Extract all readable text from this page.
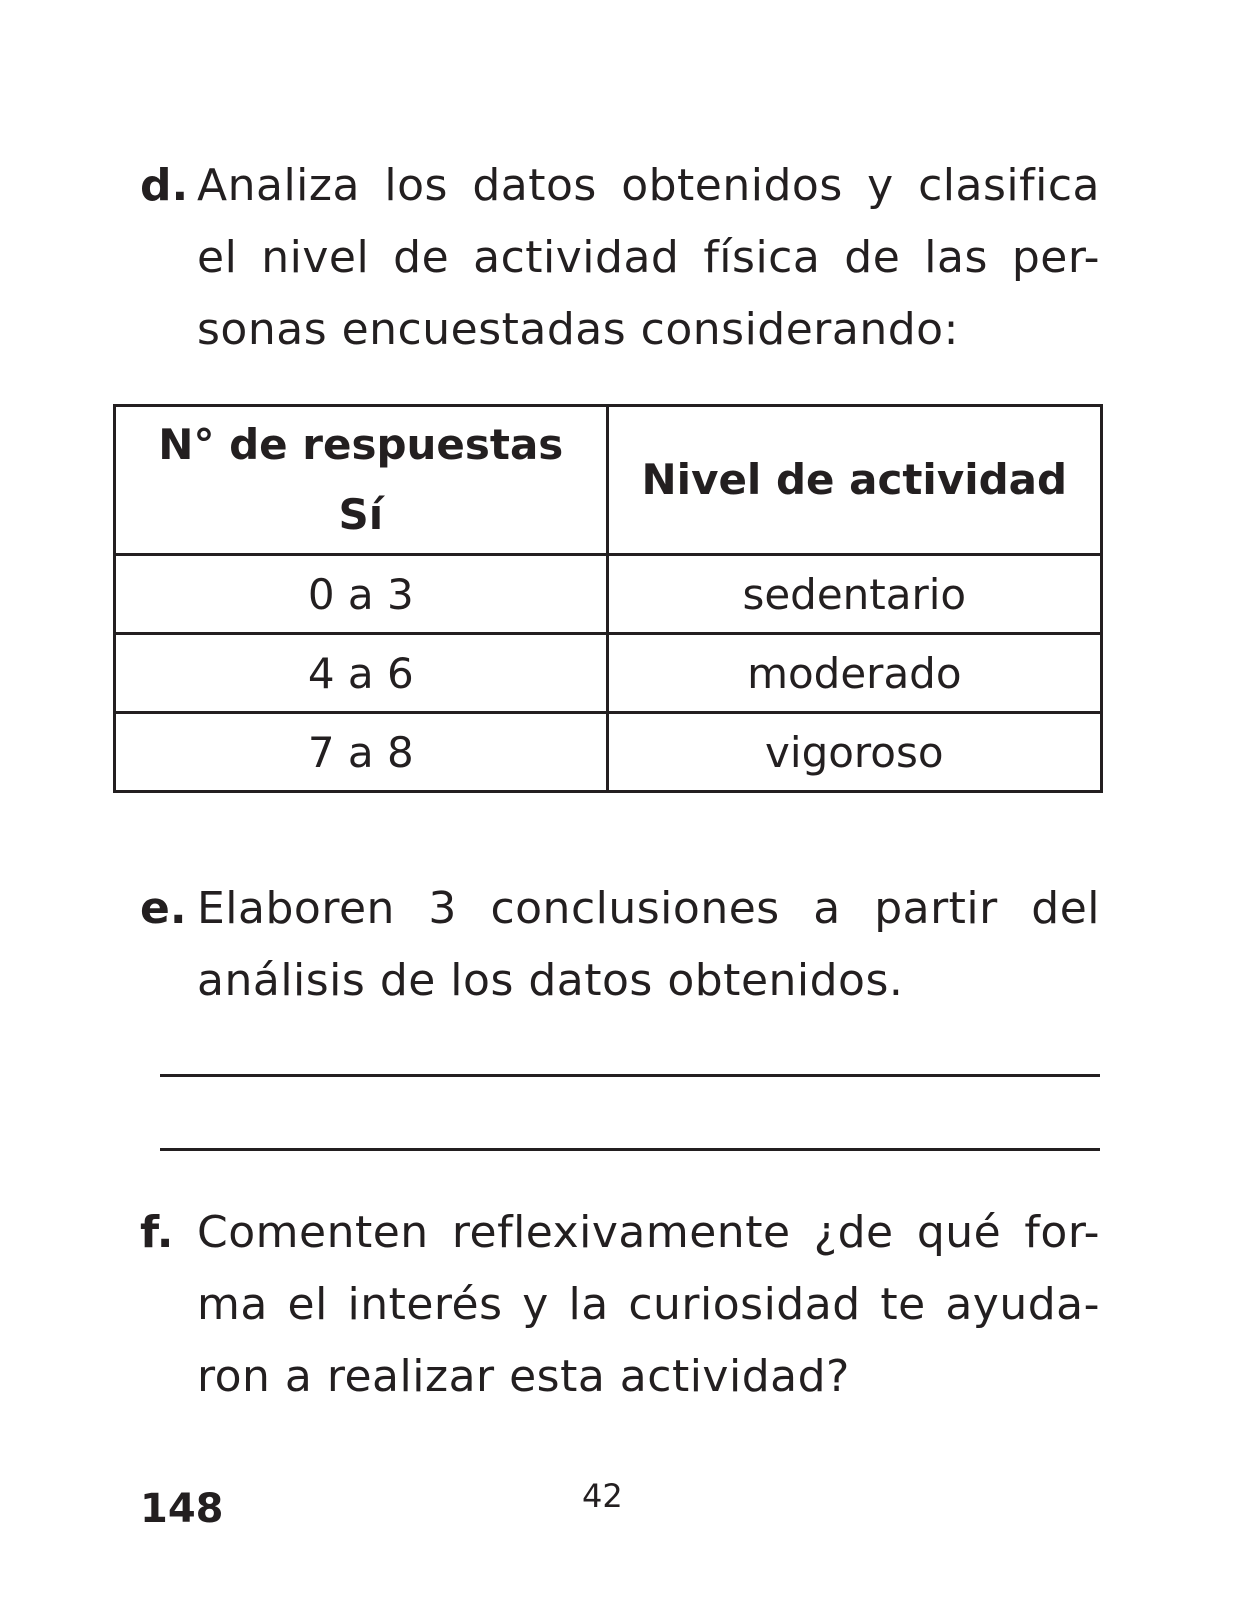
d. Analiza los datos obtenidos y clasifica
el nivel de actividad física de las per-
sonas encuestadas considerando:
N° de respuestas
Sí	Nivel de actividad
0 a 3	sedentario
4 a 6	moderado
7 a 8	vigoroso
e. Elaboren 3 conclusiones a partir del
análisis de los datos obtenidos.
f. Comenten reflexivamente ¿de qué for-
ma el interés y la curiosidad te ayuda-
ron a realizar esta actividad?
148	42
